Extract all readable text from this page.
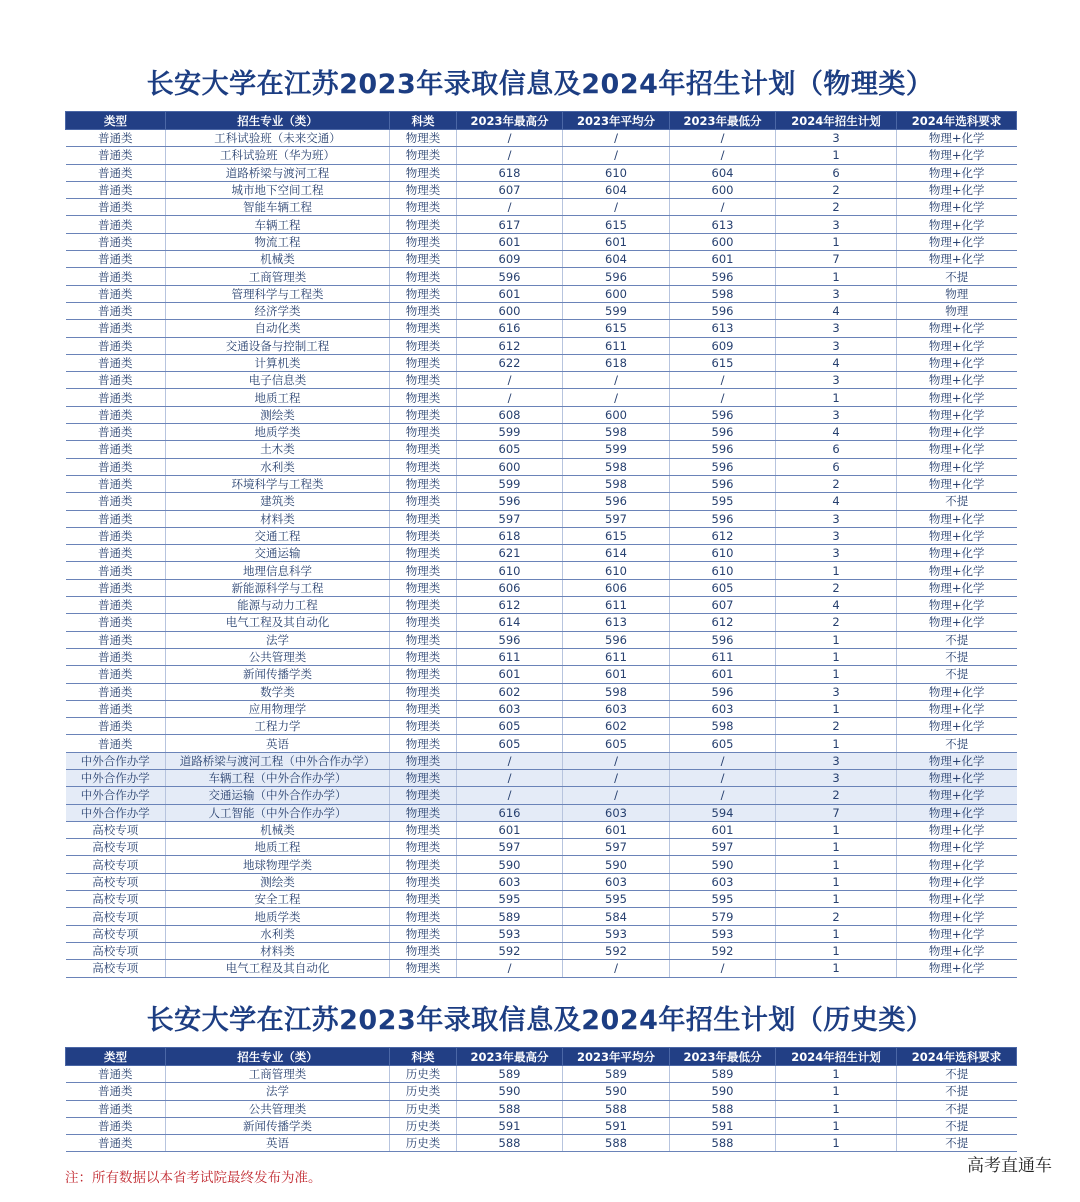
长安大学在江苏2023年录取信息及2024年招生计划（物理类）
类型	招生专业（类）	科类	2023年最高分	2023年平均分	2023年最低分	2024年招生计划	2024年选科要求
普通类	工科试验班（未来交通）	物理类	/	/	/	3	物理+化学
普通类	工科试验班（华为班）	物理类	/	/	/	1	物理+化学
普通类	道路桥梁与渡河工程	物理类	618	610	604	6	物理+化学
普通类	城市地下空间工程	物理类	607	604	600	2	物理+化学
普通类	智能车辆工程	物理类	/	/	/	2	物理+化学
普通类	车辆工程	物理类	617	615	613	3	物理+化学
普通类	物流工程	物理类	601	601	600	1	物理+化学
普通类	机械类	物理类	609	604	601	7	物理+化学
普通类	工商管理类	物理类	596	596	596	1	不提
普通类	管理科学与工程类	物理类	601	600	598	3	物理
普通类	经济学类	物理类	600	599	596	4	物理
普通类	自动化类	物理类	616	615	613	3	物理+化学
普通类	交通设备与控制工程	物理类	612	611	609	3	物理+化学
普通类	计算机类	物理类	622	618	615	4	物理+化学
普通类	电子信息类	物理类	/	/	/	3	物理+化学
普通类	地质工程	物理类	/	/	/	1	物理+化学
普通类	测绘类	物理类	608	600	596	3	物理+化学
普通类	地质学类	物理类	599	598	596	4	物理+化学
普通类	土木类	物理类	605	599	596	6	物理+化学
普通类	水利类	物理类	600	598	596	6	物理+化学
普通类	环境科学与工程类	物理类	599	598	596	2	物理+化学
普通类	建筑类	物理类	596	596	595	4	不提
普通类	材料类	物理类	597	597	596	3	物理+化学
普通类	交通工程	物理类	618	615	612	3	物理+化学
普通类	交通运输	物理类	621	614	610	3	物理+化学
普通类	地理信息科学	物理类	610	610	610	1	物理+化学
普通类	新能源科学与工程	物理类	606	606	605	2	物理+化学
普通类	能源与动力工程	物理类	612	611	607	4	物理+化学
普通类	电气工程及其自动化	物理类	614	613	612	2	物理+化学
普通类	法学	物理类	596	596	596	1	不提
普通类	公共管理类	物理类	611	611	611	1	不提
普通类	新闻传播学类	物理类	601	601	601	1	不提
普通类	数学类	物理类	602	598	596	3	物理+化学
普通类	应用物理学	物理类	603	603	603	1	物理+化学
普通类	工程力学	物理类	605	602	598	2	物理+化学
普通类	英语	物理类	605	605	605	1	不提
中外合作办学	道路桥梁与渡河工程（中外合作办学）	物理类	/	/	/	3	物理+化学
中外合作办学	车辆工程（中外合作办学）	物理类	/	/	/	3	物理+化学
中外合作办学	交通运输（中外合作办学）	物理类	/	/	/	2	物理+化学
中外合作办学	人工智能（中外合作办学）	物理类	616	603	594	7	物理+化学
高校专项	机械类	物理类	601	601	601	1	物理+化学
高校专项	地质工程	物理类	597	597	597	1	物理+化学
高校专项	地球物理学类	物理类	590	590	590	1	物理+化学
高校专项	测绘类	物理类	603	603	603	1	物理+化学
高校专项	安全工程	物理类	595	595	595	1	物理+化学
高校专项	地质学类	物理类	589	584	579	2	物理+化学
高校专项	水利类	物理类	593	593	593	1	物理+化学
高校专项	材料类	物理类	592	592	592	1	物理+化学
高校专项	电气工程及其自动化	物理类	/	/	/	1	物理+化学
长安大学在江苏2023年录取信息及2024年招生计划（历史类）
类型	招生专业（类）	科类	2023年最高分	2023年平均分	2023年最低分	2024年招生计划	2024年选科要求
普通类	工商管理类	历史类	589	589	589	1	不提
普通类	法学	历史类	590	590	590	1	不提
普通类	公共管理类	历史类	588	588	588	1	不提
普通类	新闻传播学类	历史类	591	591	591	1	不提
普通类	英语	历史类	588	588	588	1	不提
注：所有数据以本省考试院最终发布为准。
高考直通车
